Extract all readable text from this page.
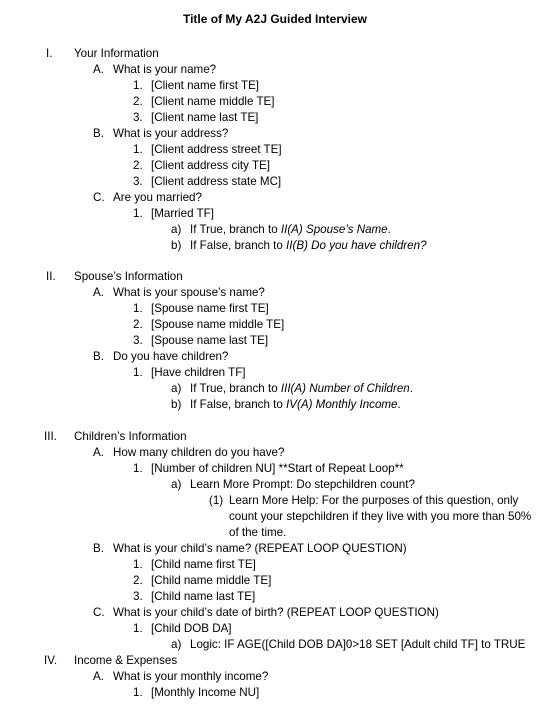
Title of My A2J Guided Interview
I. Your Information
A. What is your name?
1. [Client name first TE]
2. [Client name middle TE]
3. [Client name last TE]
B. What is your address?
1. [Client address street TE]
2. [Client address city TE]
3. [Client address state MC]
C. Are you married?
1. [Married TF]
a) If True, branch to II(A) Spouse’s Name.
b) If False, branch to II(B) Do you have children?
II. Spouse’s Information
A. What is your spouse’s name?
1. [Spouse name first TE]
2. [Spouse name middle TE]
3. [Spouse name last TE]
B. Do you have children?
1. [Have children TF]
a) If True, branch to III(A) Number of Children.
b) If False, branch to IV(A) Monthly Income.
III. Children’s Information
A. How many children do you have?
1. [Number of children NU] **Start of Repeat Loop**
a) Learn More Prompt: Do stepchildren count?
(1) Learn More Help: For the purposes of this question, only
count your stepchildren if they live with you more than 50%
of the time.
B. What is your child’s name? (REPEAT LOOP QUESTION)
1. [Child name first TE]
2. [Child name middle TE]
3. [Child name last TE]
C. What is your child’s date of birth? (REPEAT LOOP QUESTION)
1. [Child DOB DA]
a) Logic: IF AGE([Child DOB DA]0>18 SET [Adult child TF] to TRUE
IV. Income & Expenses
A. What is your monthly income?
1. [Monthly Income NU]
